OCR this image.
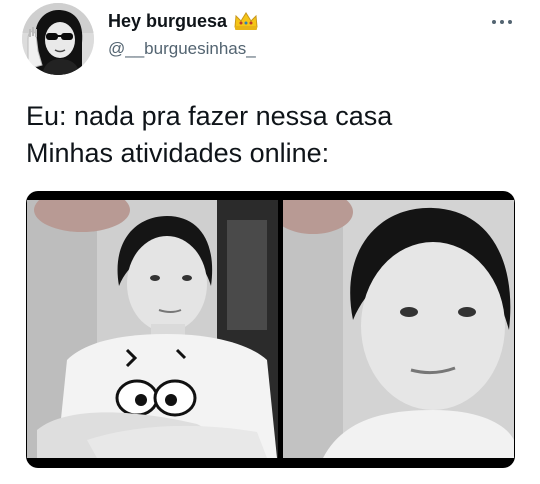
Hey burguesa
@__burguesinhas_
Eu: nada pra fazer nessa casa
Minhas atividades online:
